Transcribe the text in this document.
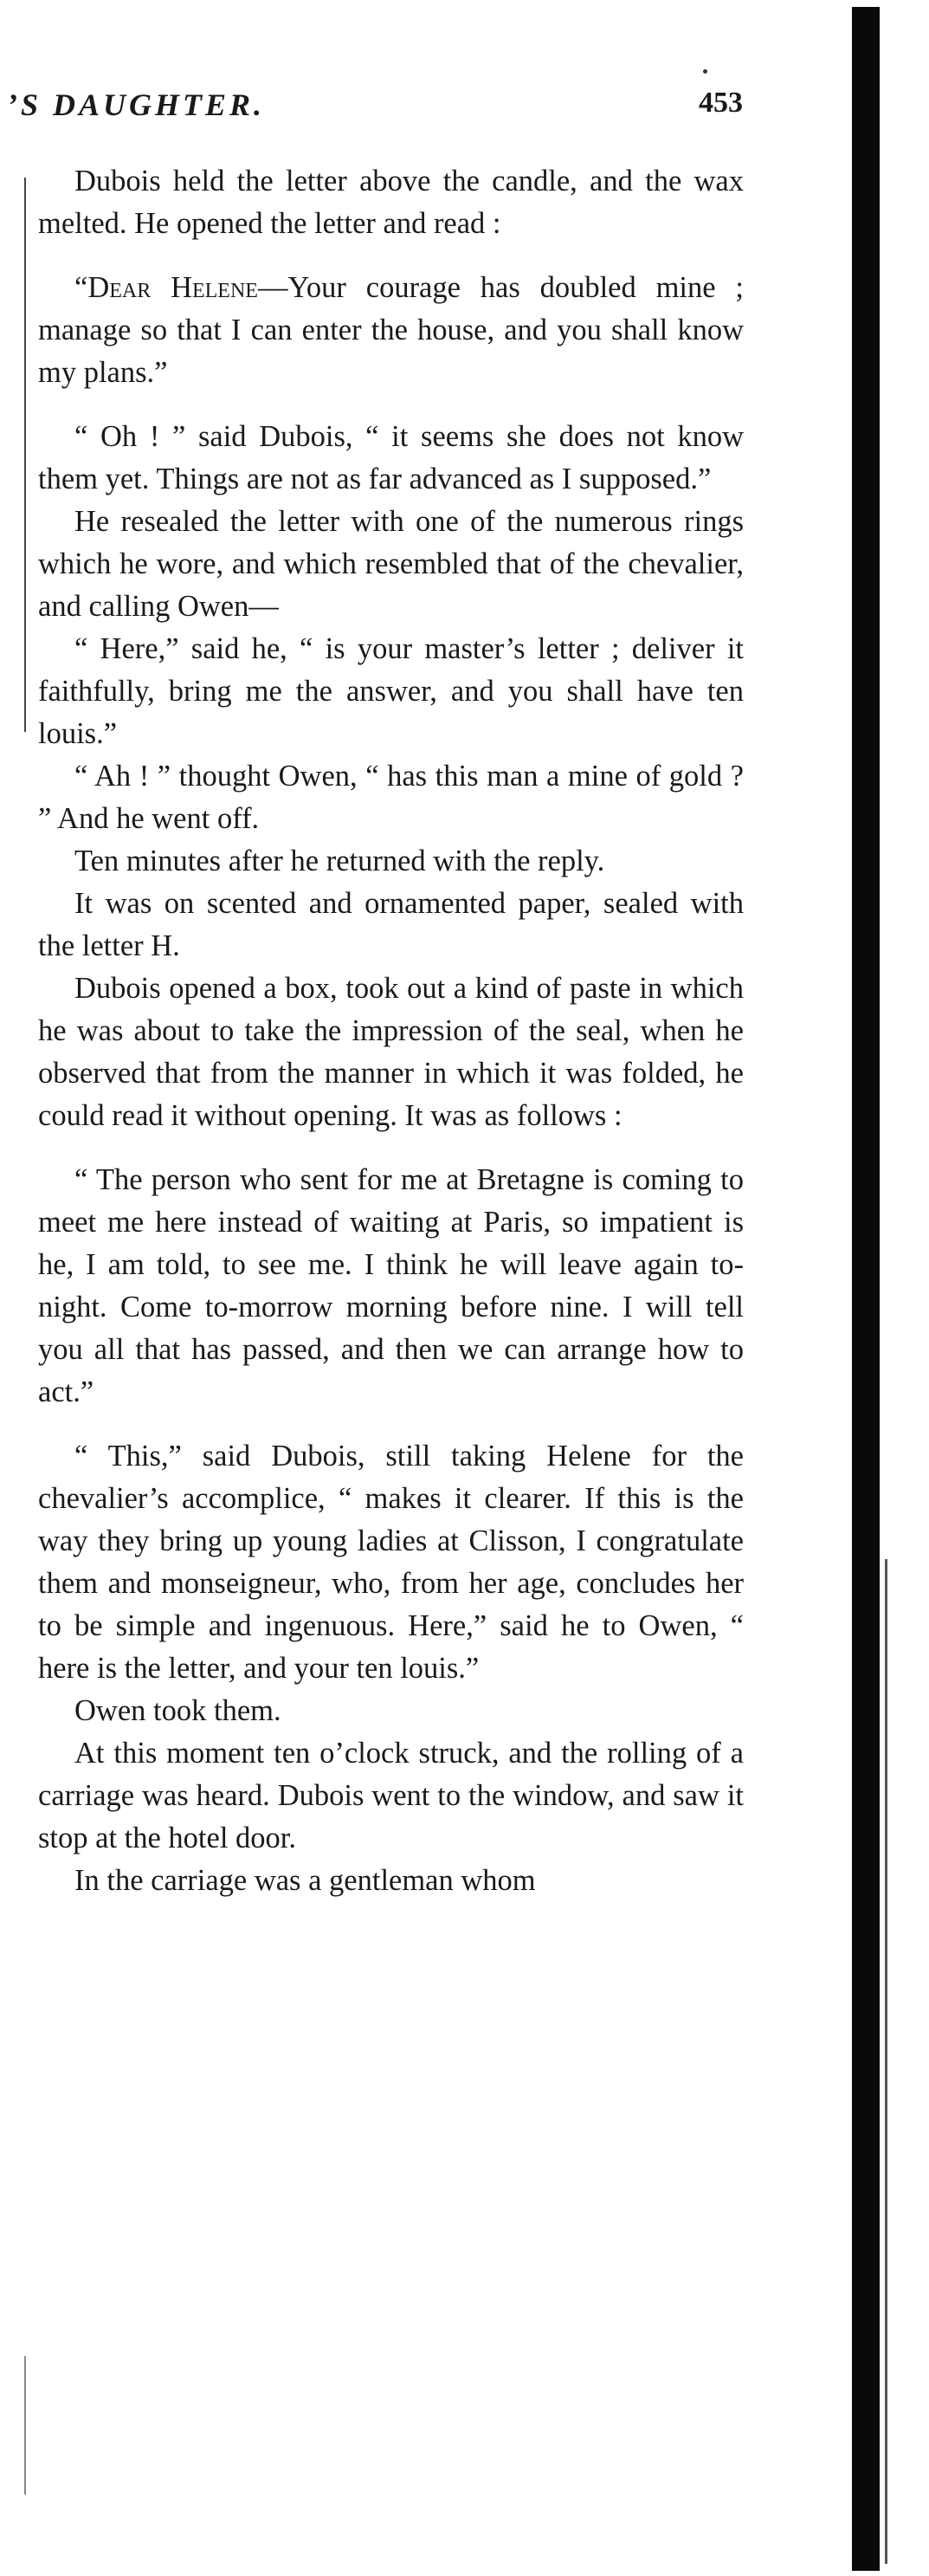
’S DAUGHTER.	453

Dubois held the letter above the candle, and the wax melted. He opened the letter and read :

“Dear Helene—Your courage has doubled mine ; manage so that I can enter the house, and you shall know my plans.”

“ Oh ! ” said Dubois, “ it seems she does not know them yet. Things are not as far advanced as I supposed.”

He resealed the letter with one of the numerous rings which he wore, and which resembled that of the chevalier, and calling Owen—

“ Here,” said he, “ is your master’s letter ; deliver it faithfully, bring me the answer, and you shall have ten louis.”

“ Ah ! ” thought Owen, “ has this man a mine of gold ? ” And he went off.

Ten minutes after he returned with the reply.

It was on scented and ornamented paper, sealed with the letter H.

Dubois opened a box, took out a kind of paste in which he was about to take the impression of the seal, when he observed that from the manner in which it was folded, he could read it without opening. It was as follows :

“ The person who sent for me at Bretagne is coming to meet me here instead of waiting at Paris, so impatient is he, I am told, to see me. I think he will leave again to-night. Come to-morrow morning before nine. I will tell you all that has passed, and then we can arrange how to act.”

“ This,” said Dubois, still taking Helene for the chevalier’s accomplice, “ makes it clearer. If this is the way they bring up young ladies at Clisson, I congratulate them and monseigneur, who, from her age, concludes her to be simple and ingenuous. Here,” said he to Owen, “ here is the letter, and your ten louis.”

Owen took them.

At this moment ten o’clock struck, and the rolling of a carriage was heard. Dubois went to the window, and saw it stop at the hotel door.

In the carriage was a gentleman whom
